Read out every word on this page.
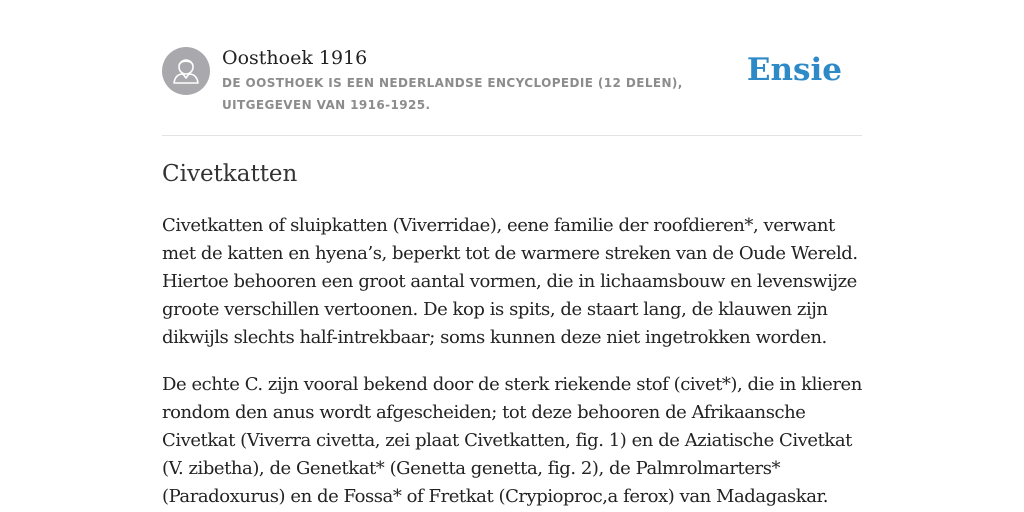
Oosthoek 1916
DE OOSTHOEK IS EEN NEDERLANDSE ENCYCLOPEDIE (12 DELEN), UITGEGEVEN VAN 1916-1925.
Ensie
Civetkatten

Civetkatten of sluipkatten (Viverridae), eene familie der roofdieren*, verwant met de katten en hyena’s, beperkt tot de warmere streken van de Oude Wereld. Hiertoe behooren een groot aantal vormen, die in lichaamsbouw en levenswijze groote verschillen vertoonen. De kop is spits, de staart lang, de klauwen zijn dikwijls slechts half-intrekbaar; soms kunnen deze niet ingetrokken worden.

De echte C. zijn vooral bekend door de sterk riekende stof (civet*), die in klieren rondom den anus wordt afgescheiden; tot deze behooren de Afrikaansche Civetkat (Viverra civetta, zei plaat Civetkatten, fig. 1) en de Aziatische Civetkat (V. zibetha), de Genetkat* (Genetta genetta, fig. 2), de Palmrolmarters* (Paradoxurus) en de Fossa* of Fretkat (Crypioproc,a ferox) van Madagaskar.
